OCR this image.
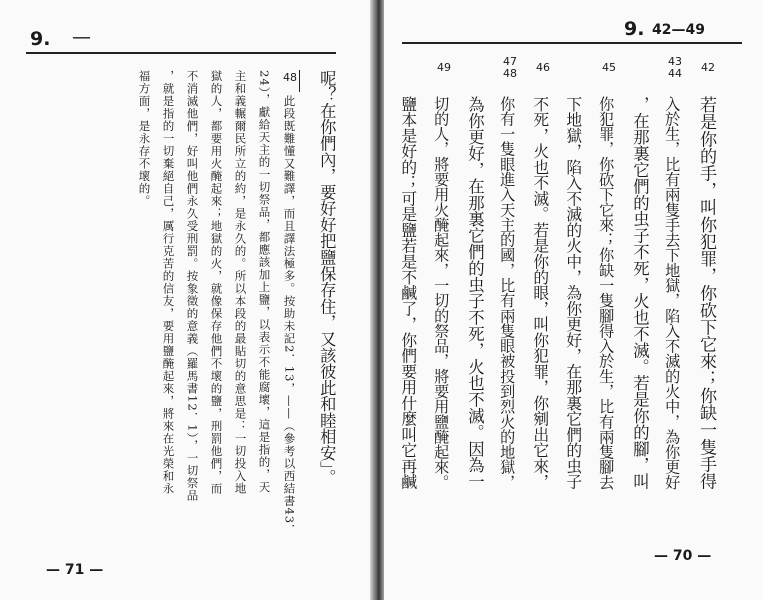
9. —
呢？在你們內，要好好把鹽保存住，又該彼此和睦相安」。
48
此段既難懂又難譯，而且譯法極多。按助未記2．13，——（參考以西結書43．
24），獻給天主的一切祭品，都應該加上鹽，以表示不能腐壞，這是指的，天
主和義輾爾民所立的約，是永久的。所以本段的最貼切的意思是：一切投入地
獄的人，都要用火醃起來；地獄的火，就像保存他們不壞的鹽，刑罰他們，而
不消滅他們，好叫他們永久受刑罰。按象徵的意義（羅馬書12．1），一切祭品
，就是指的一切棄絕自己，厲行克苦的信友，要用鹽醃起來，將來在光榮和永
福方面，是永存不壞的。
— 71 —
9. 42—49
42
43
44
45
46
47
48
49
若是你的手，叫你犯罪，你砍下它來；你缺一隻手得
入於生，比有兩隻手去下地獄，陷入不滅的火中，為你更好
，在那裏它們的虫子不死，火也不滅。若是你的腳，叫
你犯罪，你砍下它來；你缺一隻腳得入於生，比有兩隻腳去
下地獄，陷入不滅的火中，為你更好，在那裏它們的虫子
不死，火也不滅。若是你的眼，叫你犯罪，你剜出它來，
你有一隻眼進入天主的國，比有兩隻眼被投到烈火的地獄，
為你更好，在那裏它們的虫子不死，火也不滅。因為一
切的人，將要用火醃起來，一切的祭品，將要用鹽醃起來。
鹽本是好的；可是鹽若是不鹹了，你們要用什麼叫它再鹹
— 70 —
